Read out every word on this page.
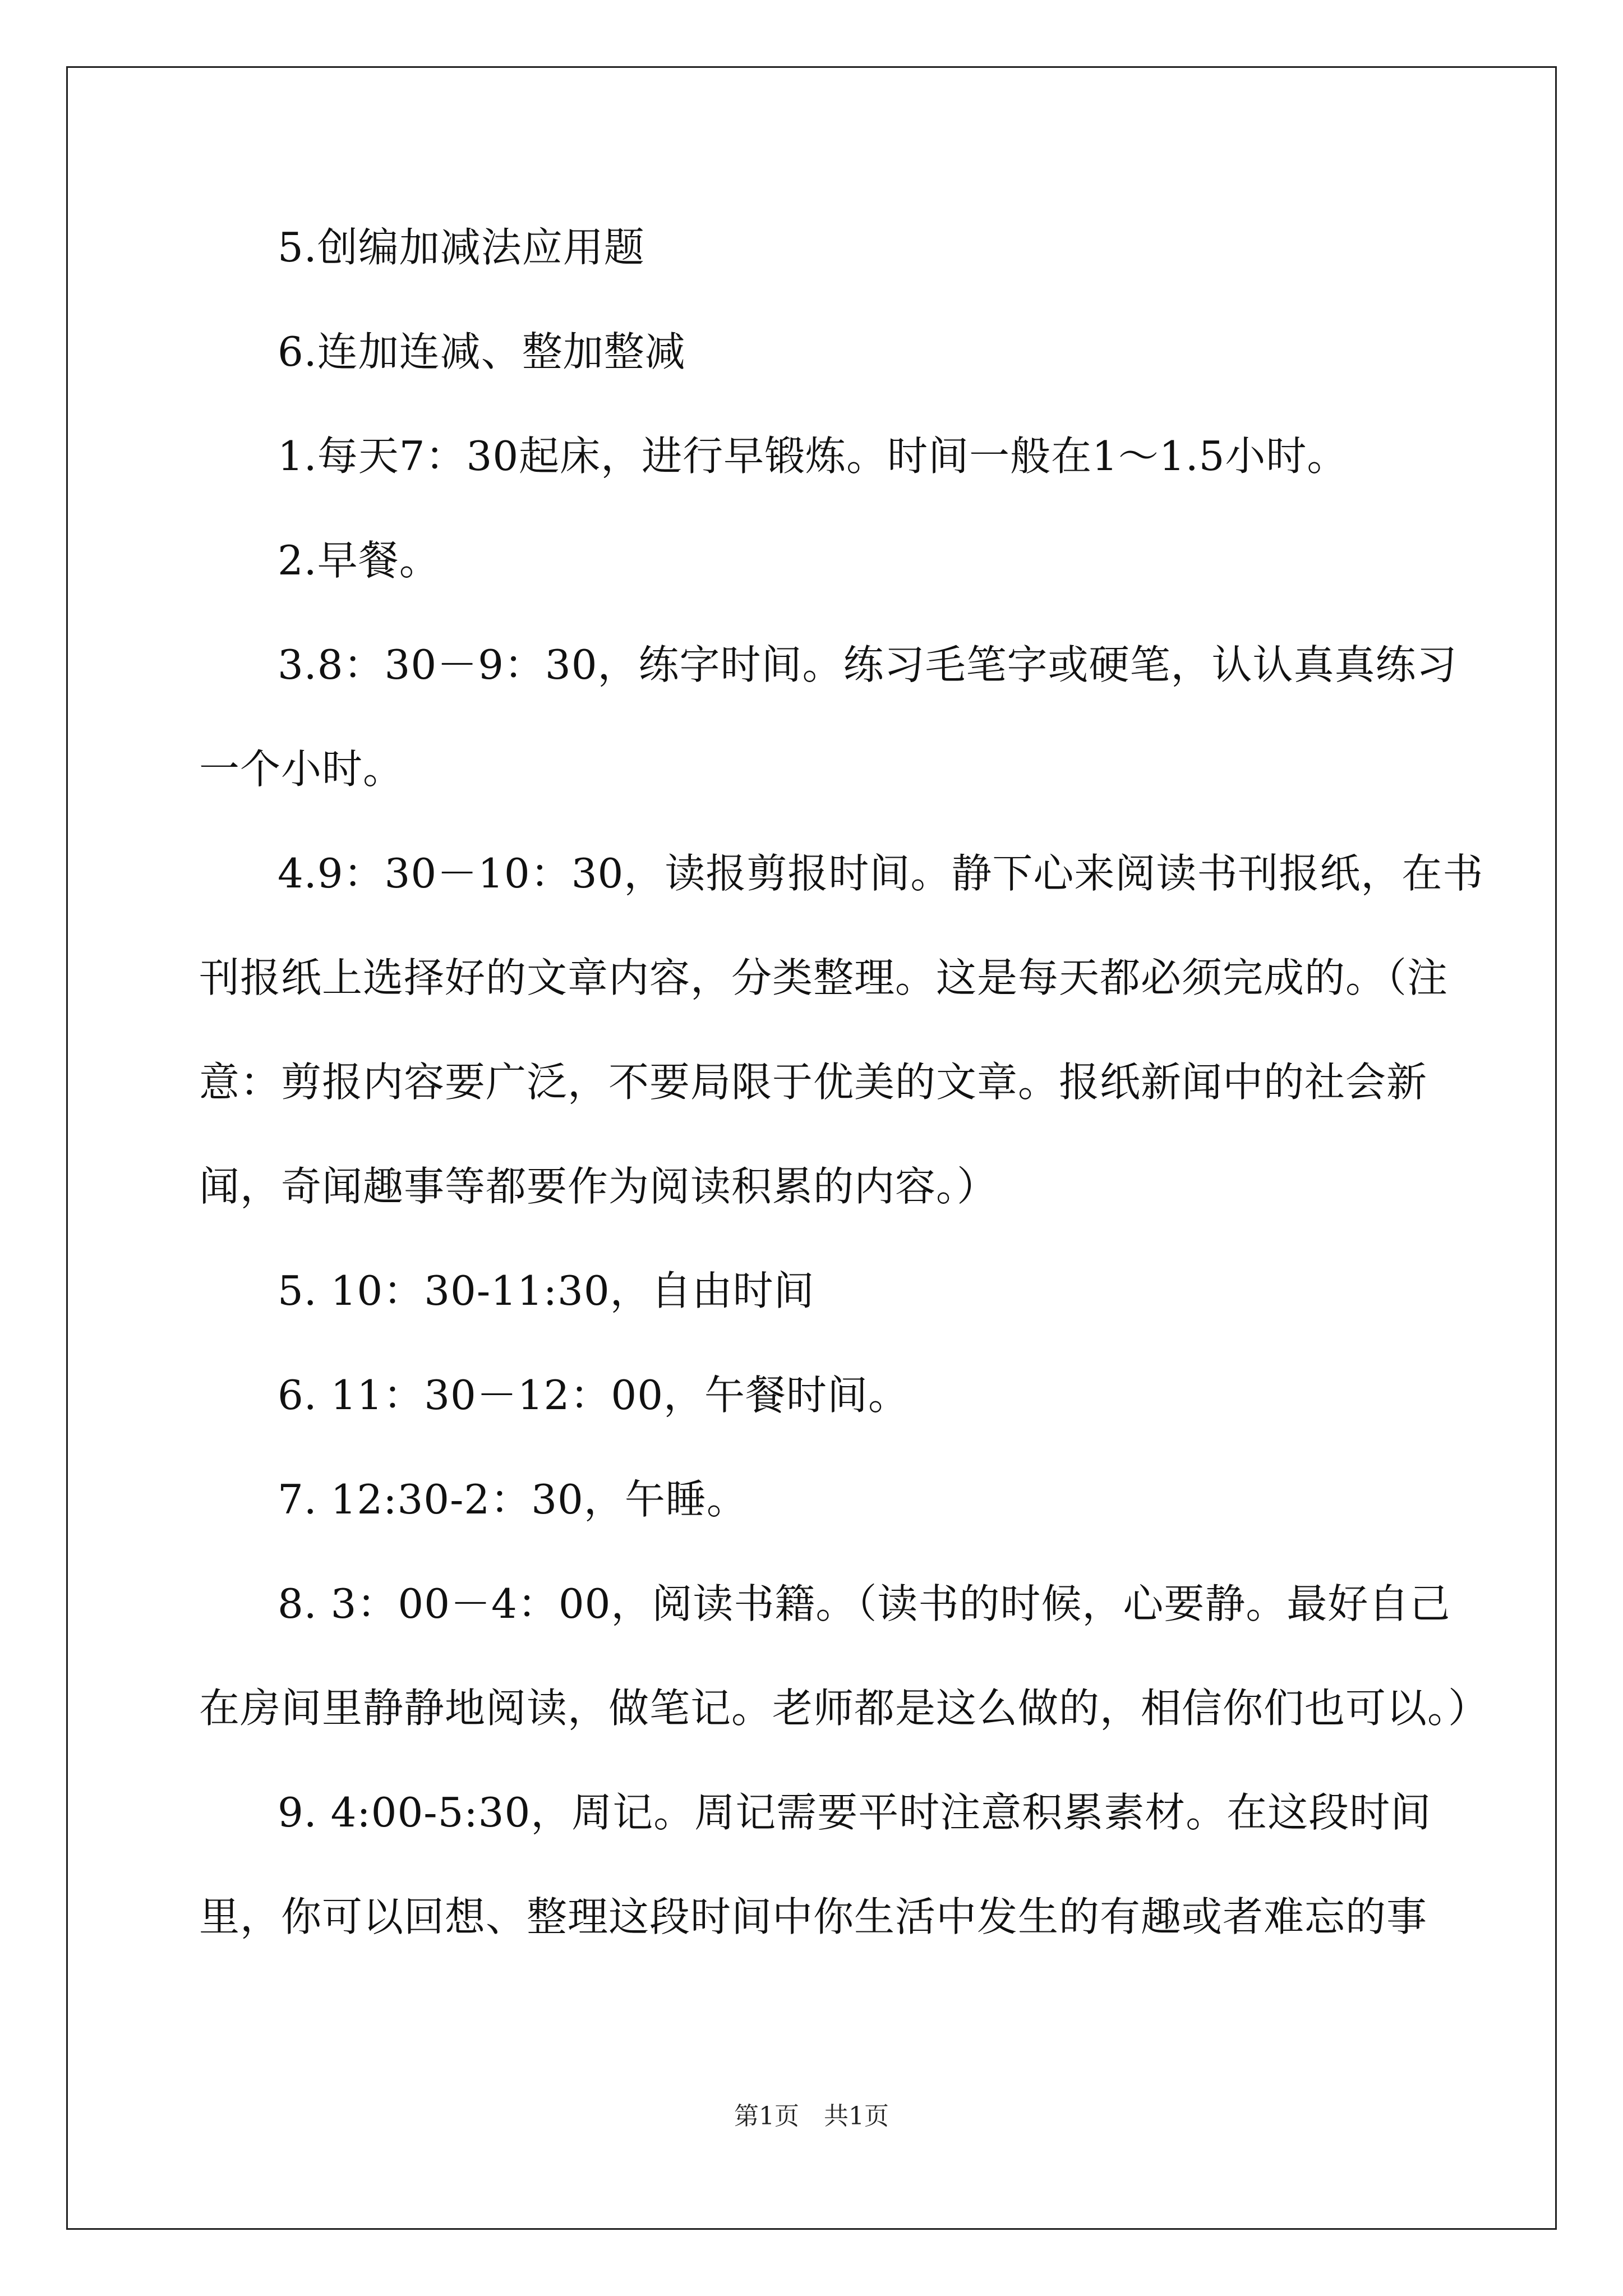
5.创编加减法应用题
6.连加连减、整加整减
1.每天7：30起床，进行早锻炼。时间一般在1～1.5小时。
2.早餐。
3.8：30－9：30，练字时间。练习毛笔字或硬笔，认认真真练习
一个小时。
4.9：30－10：30，读报剪报时间。静下心来阅读书刊报纸，在书
刊报纸上选择好的文章内容，分类整理。这是每天都必须完成的。（注
意：剪报内容要广泛，不要局限于优美的文章。报纸新闻中的社会新
闻，奇闻趣事等都要作为阅读积累的内容。）
5. 10：30-11:30，自由时间
6. 11：30－12：00，午餐时间。
7. 12:30-2：30，午睡。
8. 3：00－4：00，阅读书籍。（读书的时候，心要静。最好自己
在房间里静静地阅读，做笔记。老师都是这么做的，相信你们也可以。）
9. 4:00-5:30，周记。周记需要平时注意积累素材。在这段时间
里，你可以回想、整理这段时间中你生活中发生的有趣或者难忘的事
第1页 共1页
